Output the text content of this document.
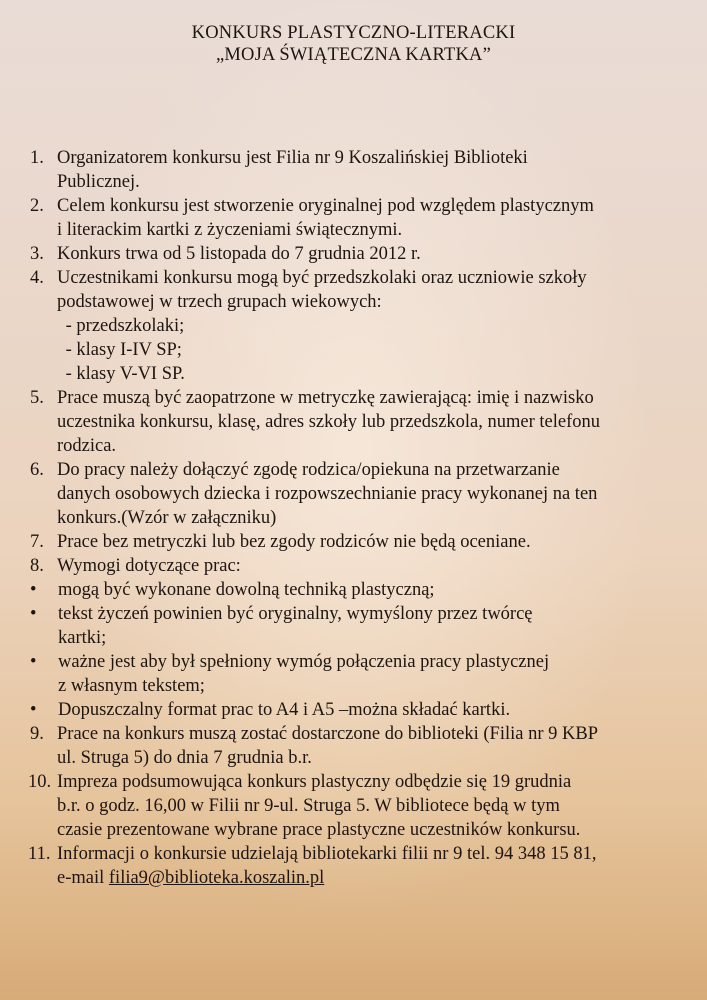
KONKURS PLASTYCZNO-LITERACKI
„MOJA ŚWIĄTECZNA KARTKA”
1. Organizatorem konkursu jest Filia nr 9 Koszalińskiej Biblioteki
Publicznej.
2. Celem konkursu jest stworzenie oryginalnej pod względem plastycznym
i literackim kartki z życzeniami świątecznymi.
3. Konkurs trwa od 5 listopada do 7 grudnia 2012 r.
4. Uczestnikami konkursu mogą być przedszkolaki oraz uczniowie szkoły
podstawowej w trzech grupach wiekowych:
- przedszkolaki;
- klasy I-IV SP;
- klasy V-VI SP.
5. Prace muszą być zaopatrzone w metryczkę zawierającą: imię i nazwisko
uczestnika konkursu, klasę, adres szkoły lub przedszkola, numer telefonu
rodzica.
6. Do pracy należy dołączyć zgodę rodzica/opiekuna na przetwarzanie
danych osobowych dziecka i rozpowszechnianie pracy wykonanej na ten
konkurs.(Wzór w załączniku)
7. Prace bez metryczki lub bez zgody rodziców nie będą oceniane.
8. Wymogi dotyczące prac:
• mogą być wykonane dowolną techniką plastyczną;
• tekst życzeń powinien być oryginalny, wymyślony przez twórcę
kartki;
• ważne jest aby był spełniony wymóg połączenia pracy plastycznej
z własnym tekstem;
• Dopuszczalny format prac to A4 i A5 –można składać kartki.
9. Prace na konkurs muszą zostać dostarczone do biblioteki (Filia nr 9 KBP
ul. Struga 5) do dnia 7 grudnia b.r.
10. Impreza podsumowująca konkurs plastyczny odbędzie się 19 grudnia
b.r. o godz. 16,00 w Filii nr 9-ul. Struga 5. W bibliotece będą w tym
czasie prezentowane wybrane prace plastyczne uczestników konkursu.
11. Informacji o konkursie udzielają bibliotekarki filii nr 9 tel. 94 348 15 81,
e-mail filia9@biblioteka.koszalin.pl
